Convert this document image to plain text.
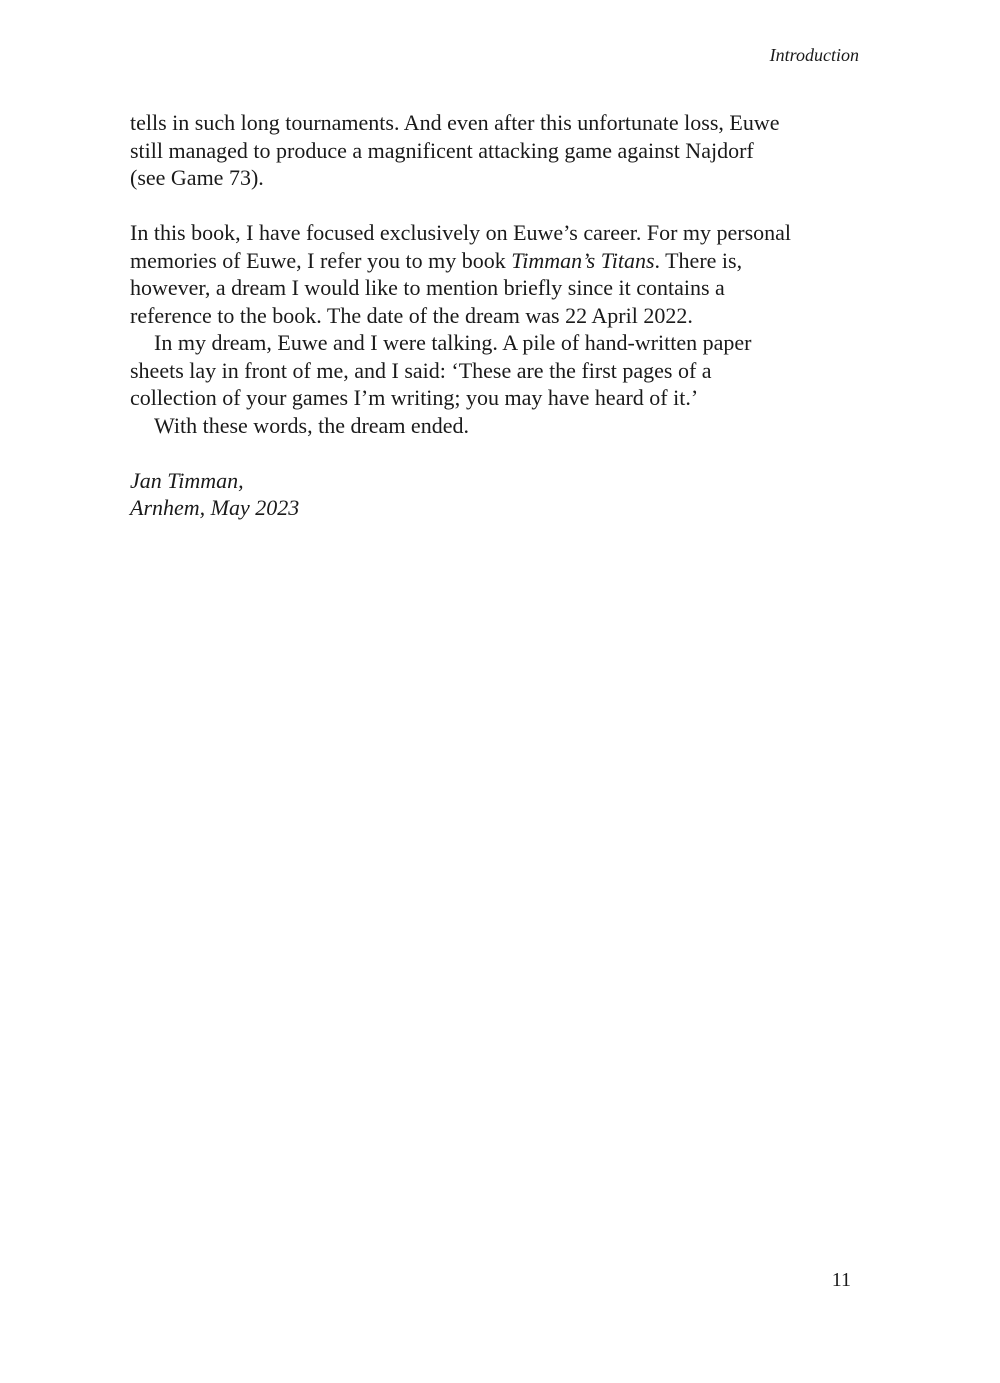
Introduction

tells in such long tournaments. And even after this unfortunate loss, Euwe
still managed to produce a magnificent attacking game against Najdorf
(see Game 73).

In this book, I have focused exclusively on Euwe’s career. For my personal
memories of Euwe, I refer you to my book Timman’s Titans. There is,
however, a dream I would like to mention briefly since it contains a
reference to the book. The date of the dream was 22 April 2022.

In my dream, Euwe and I were talking. A pile of hand-written paper
sheets lay in front of me, and I said: ‘These are the first pages of a
collection of your games I’m writing; you may have heard of it.’

With these words, the dream ended.

Jan Timman,
Arnhem, May 2023

11
